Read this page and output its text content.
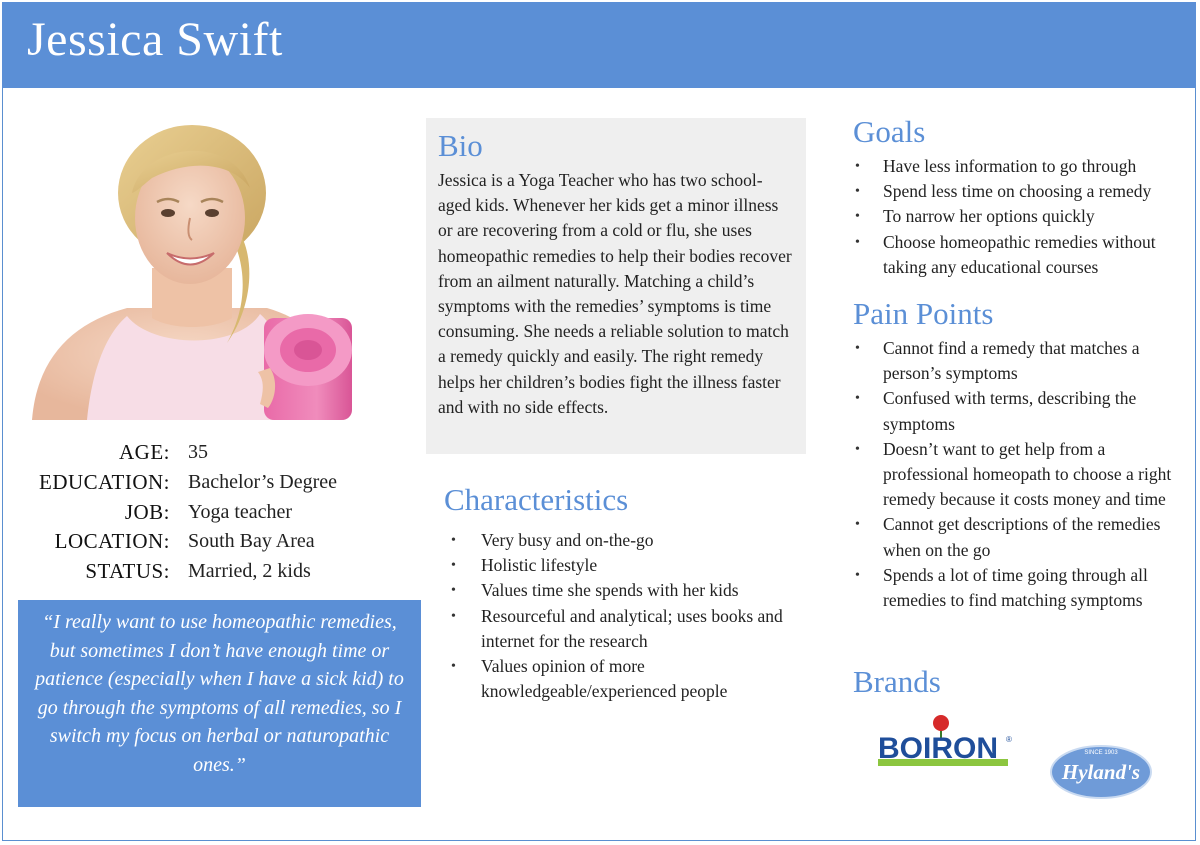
Jessica Swift
AGE: 35
EDUCATION: Bachelor’s Degree
JOB: Yoga teacher
LOCATION: South Bay Area
STATUS: Married, 2 kids

“I really want to use homeopathic remedies, but sometimes I don’t have enough time or patience (especially when I have a sick kid) to go through the symptoms of all remedies, so I switch my focus on herbal or naturopathic ones.”

Bio

Jessica is a Yoga Teacher who has two school-aged kids. Whenever her kids get a minor illness or are recovering from a cold or flu, she uses homeopathic remedies to help their bodies recover from an ailment naturally. Matching a child’s symptoms with the remedies’ symptoms is time consuming. She needs a reliable solution to match a remedy quickly and easily. The right remedy helps her children’s bodies fight the illness faster and with no side effects.

Characteristics
• Very busy and on-the-go
• Holistic lifestyle
• Values time she spends with her kids
• Resourceful and analytical; uses books and internet for the research
• Values opinion of more knowledgeable/experienced people
Goals
• Have less information to go through
• Spend less time on choosing a remedy
• To narrow her options quickly
• Choose homeopathic remedies without taking any educational courses
Pain Points
• Cannot find a remedy that matches a person’s symptoms
• Confused with terms, describing the symptoms
• Doesn’t want to get help from a professional homeopath to choose a right remedy because it costs money and time
• Cannot get descriptions of the remedies when on the go
• Spends a lot of time going through all remedies to find matching symptoms
Brands
BOIRON ®
SINCE 1903
Hyland's
